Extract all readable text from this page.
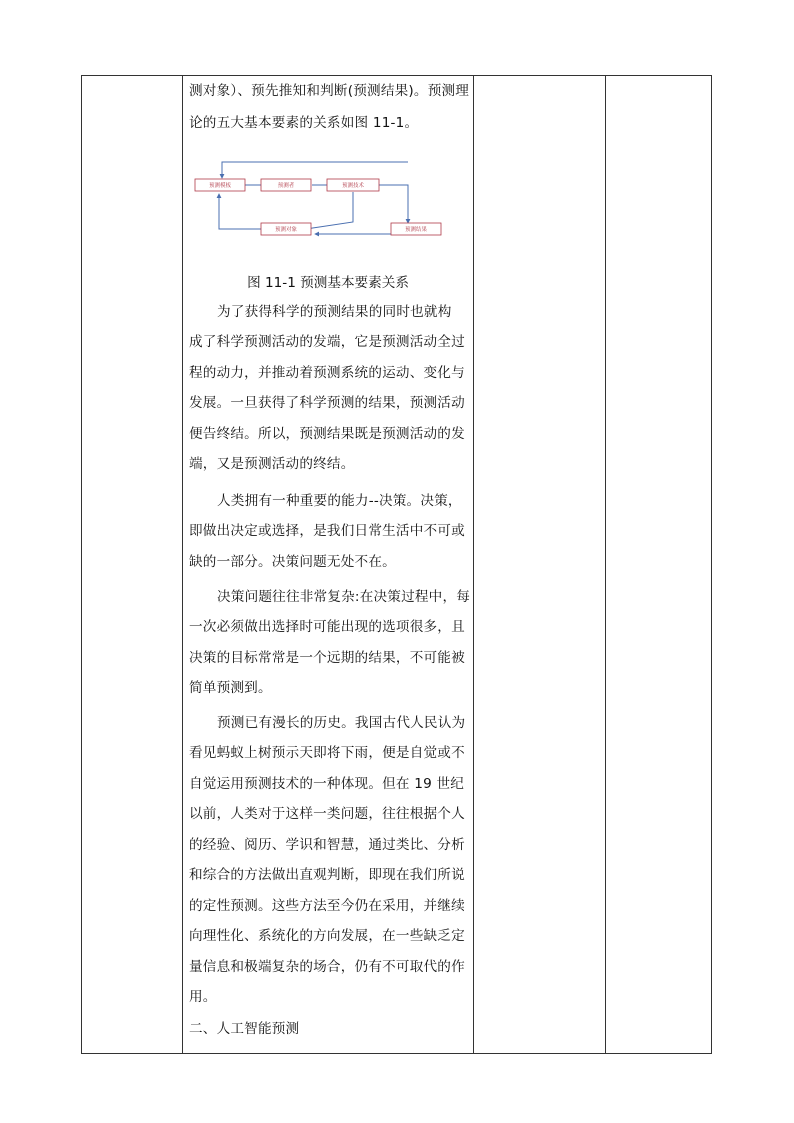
测对象）、预先推知和判断(预测结果)。预测理
论的五大基本要素的关系如图 11-1。
预测模板	预测者	预测技术
预测对象	预测结果
图 11-1 预测基本要素关系
为了获得科学的预测结果的同时也就构
成了科学预测活动的发端，它是预测活动全过
程的动力，并推动着预测系统的运动、变化与
发展。一旦获得了科学预测的结果，预测活动
便告终结。所以，预测结果既是预测活动的发
端，又是预测活动的终结。
人类拥有一种重要的能力--决策。决策，
即做出决定或选择，是我们日常生活中不可或
缺的一部分。决策问题无处不在。
决策问题往往非常复杂:在决策过程中，每
一次必须做出选择时可能出现的选项很多，且
决策的目标常常是一个远期的结果，不可能被
简单预测到。
预测已有漫长的历史。我国古代人民认为
看见蚂蚁上树预示天即将下雨，便是自觉或不
自觉运用预测技术的一种体现。但在 19 世纪
以前，人类对于这样一类问题，往往根据个人
的经验、阅历、学识和智慧，通过类比、分析
和综合的方法做出直观判断，即现在我们所说
的定性预测。这些方法至今仍在采用，并继续
向理性化、系统化的方向发展，在一些缺乏定
量信息和极端复杂的场合，仍有不可取代的作
用。
二、人工智能预测
